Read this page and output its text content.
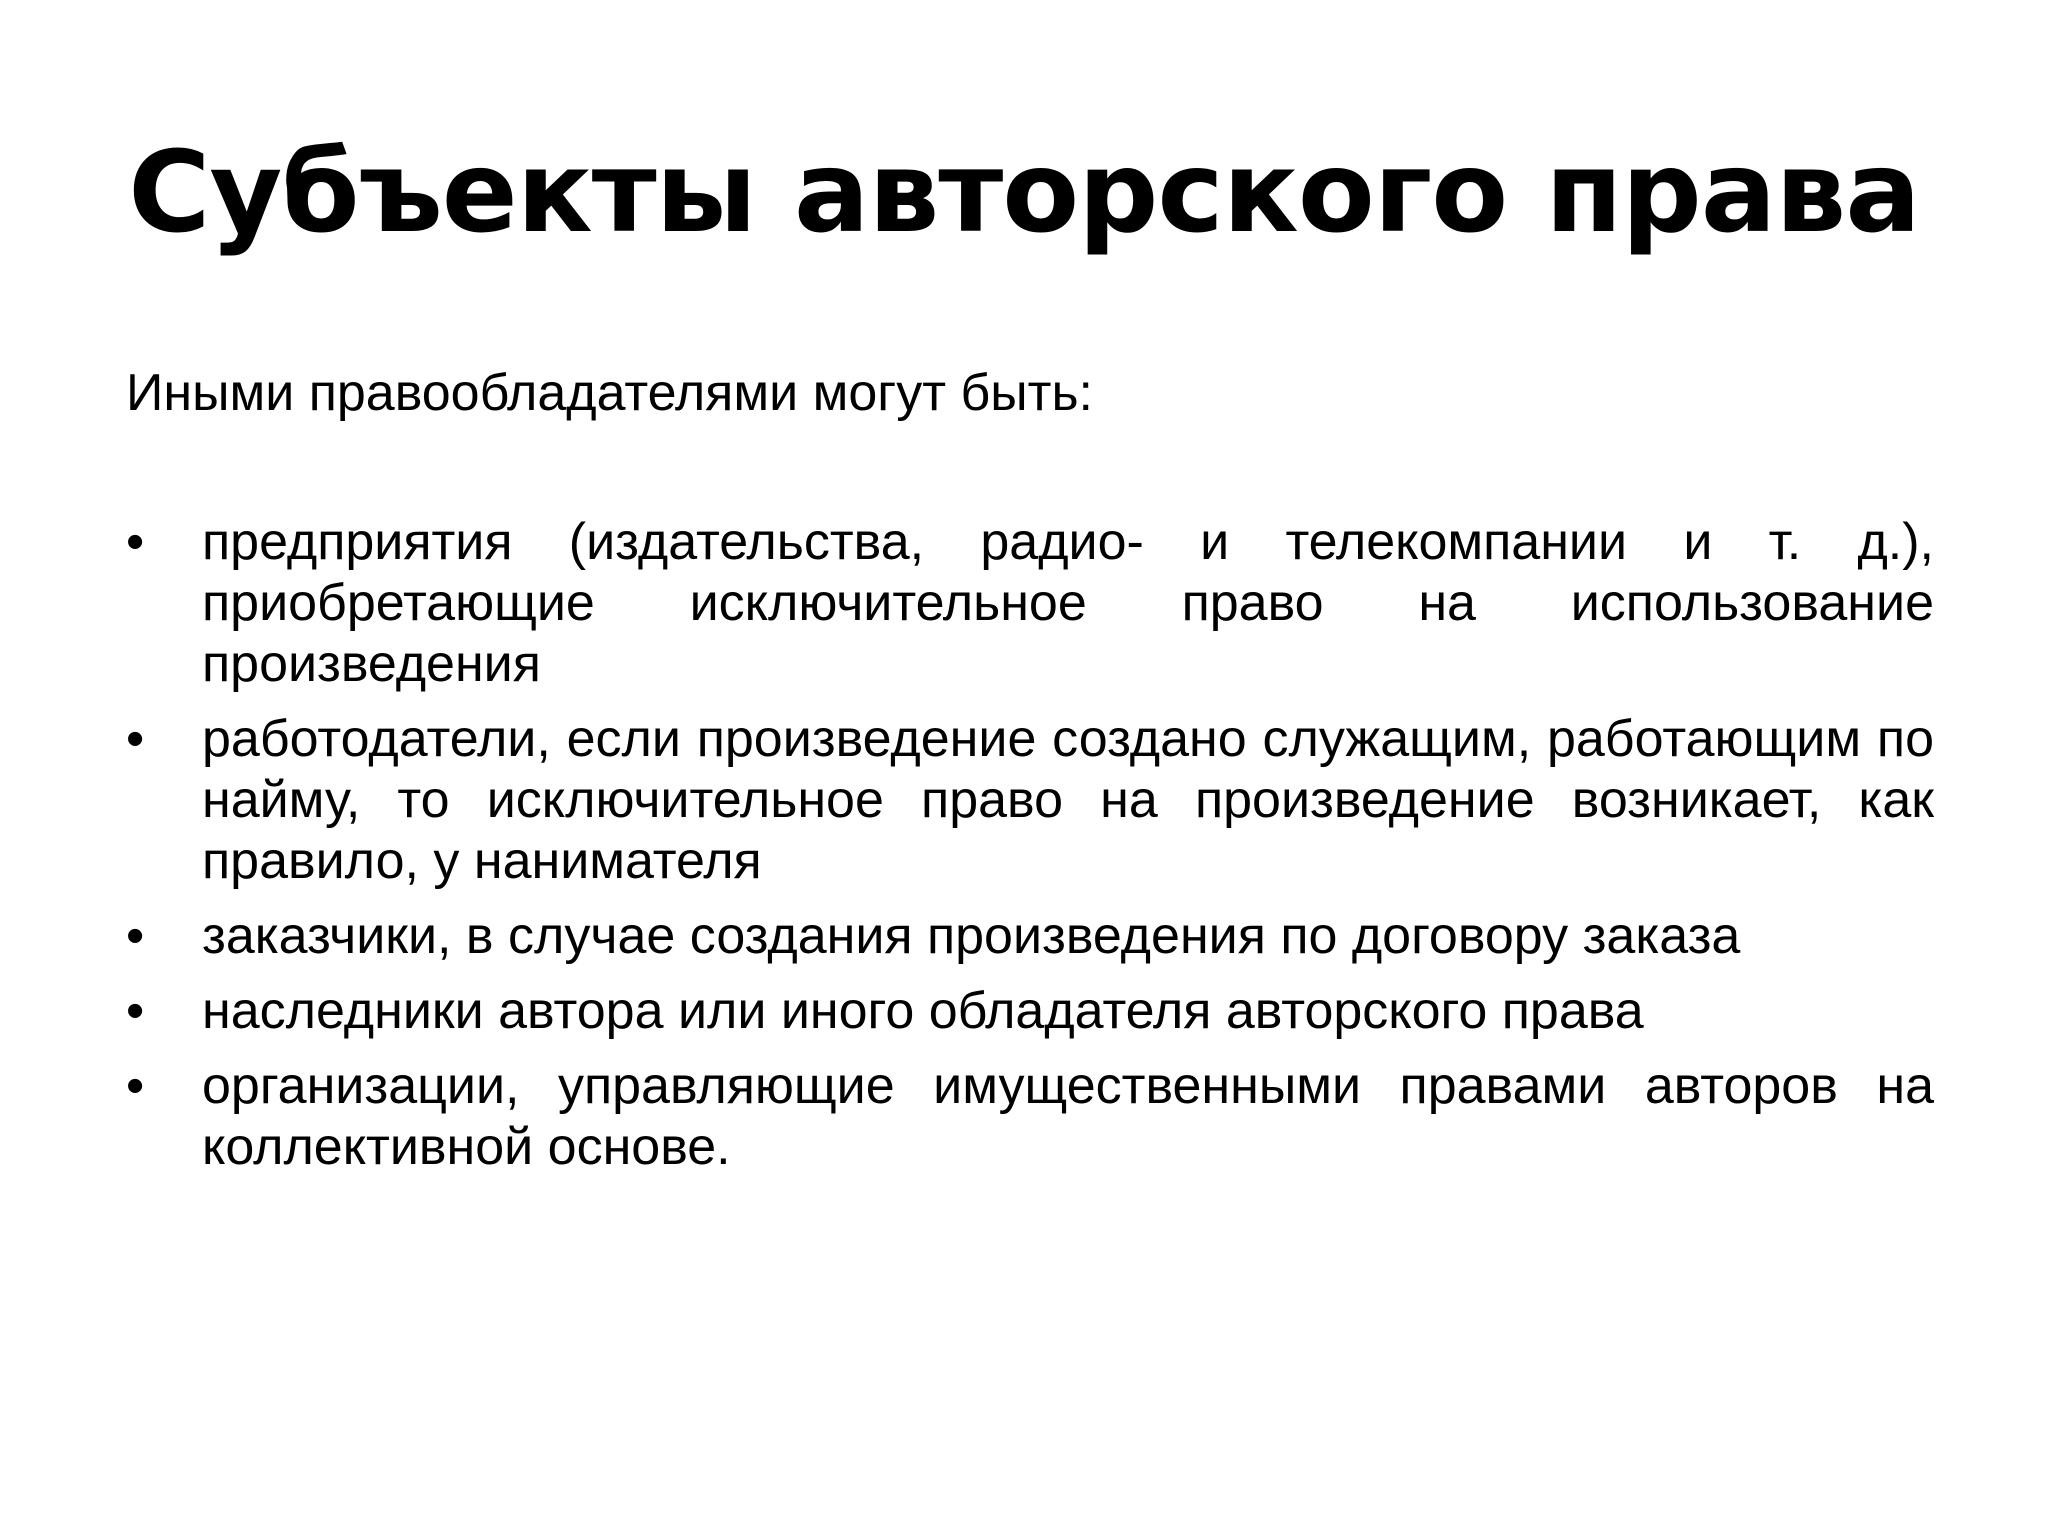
Субъекты авторского права

Иными правообладателями могут быть:

•	предприятия (издательства, радио- и телекомпании и т. д.), приобретающие исключительное право на использование произведения
•	работодатели, если произведение создано служащим, работающим по найму, то исключительное право на произведение возникает, как правило, у нанимателя
•	заказчики, в случае создания произведения по договору заказа
•	наследники автора или иного обладателя авторского права
•	организации, управляющие имущественными правами авторов на коллективной основе.
